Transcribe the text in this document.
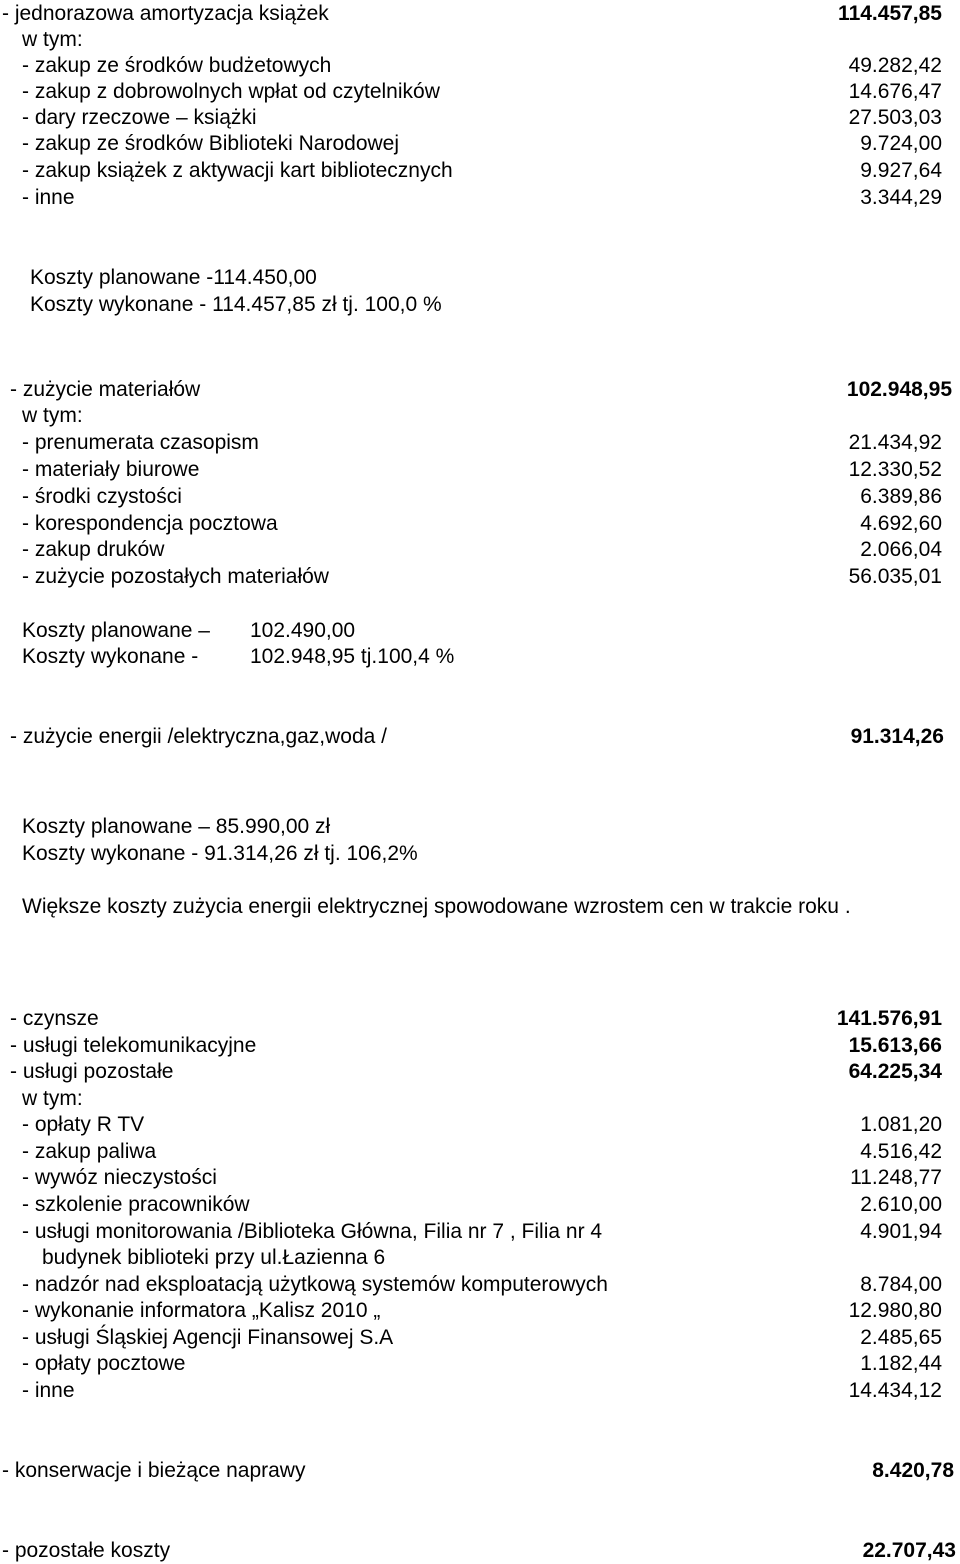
- jednorazowa amortyzacja książek	114.457,85
w tym:
- zakup ze środków budżetowych	49.282,42
- zakup z dobrowolnych wpłat od czytelników	14.676,47
- dary rzeczowe – książki	27.503,03
- zakup ze środków Biblioteki Narodowej	9.724,00
- zakup książek z aktywacji kart bibliotecznych	9.927,64
- inne	3.344,29
Koszty planowane -114.450,00
Koszty wykonane - 114.457,85 zł tj. 100,0 %
- zużycie materiałów	102.948,95
w tym:
- prenumerata czasopism	21.434,92
- materiały biurowe	12.330,52
- środki czystości	6.389,86
- korespondencja pocztowa	4.692,60
- zakup druków	2.066,04
- zużycie pozostałych materiałów	56.035,01
Koszty planowane – 102.490,00
Koszty wykonane - 102.948,95 tj.100,4 %
- zużycie energii /elektryczna,gaz,woda /	91.314,26
Koszty planowane – 85.990,00 zł
Koszty wykonane - 91.314,26 zł tj. 106,2%
Większe koszty zużycia energii elektrycznej spowodowane wzrostem cen w trakcie roku .
- czynsze	141.576,91
- usługi telekomunikacyjne	15.613,66
- usługi pozostałe	64.225,34
w tym:
- opłaty R TV	1.081,20
- zakup paliwa	4.516,42
- wywóz nieczystości	11.248,77
- szkolenie pracowników	2.610,00
- usługi monitorowania /Biblioteka Główna, Filia nr 7 , Filia nr 4	4.901,94
budynek biblioteki przy ul.Łazienna 6
- nadzór nad eksploatacją użytkową systemów komputerowych	8.784,00
- wykonanie informatora „Kalisz 2010 „	12.980,80
- usługi Śląskiej Agencji Finansowej S.A	2.485,65
- opłaty pocztowe	1.182,44
- inne	14.434,12
- konserwacje i bieżące naprawy	8.420,78
- pozostałe koszty	22.707,43
